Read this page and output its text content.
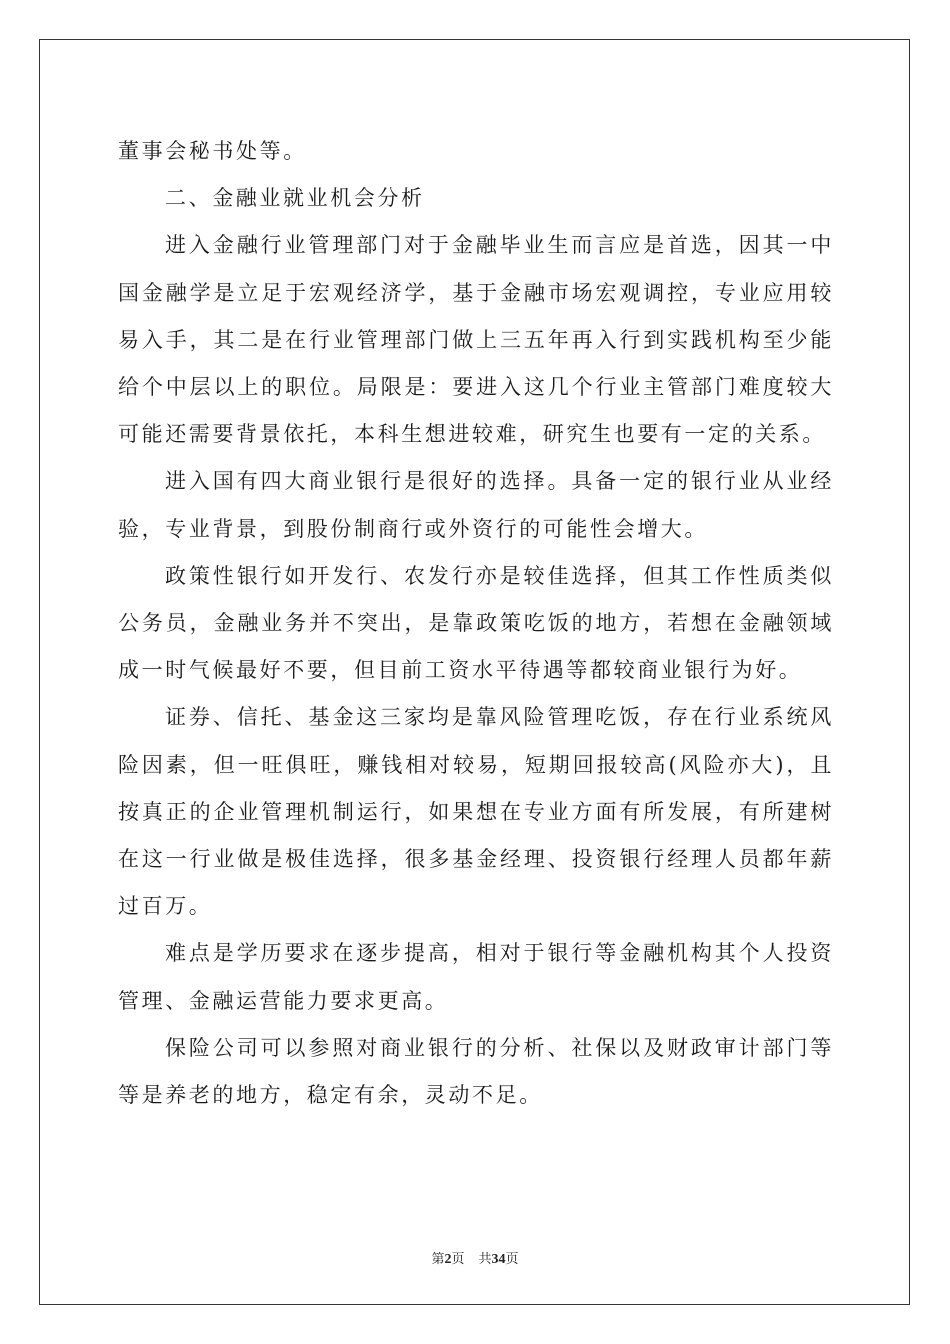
董事会秘书处等。

二、金融业就业机会分析

进入金融行业管理部门对于金融毕业生而言应是首选，因其一中国金融学是立足于宏观经济学，基于金融市场宏观调控，专业应用较易入手，其二是在行业管理部门做上三五年再入行到实践机构至少能给个中层以上的职位。局限是：要进入这几个行业主管部门难度较大可能还需要背景依托，本科生想进较难，研究生也要有一定的关系。

进入国有四大商业银行是很好的选择。具备一定的银行业从业经验，专业背景，到股份制商行或外资行的可能性会增大。

政策性银行如开发行、农发行亦是较佳选择，但其工作性质类似公务员，金融业务并不突出，是靠政策吃饭的地方，若想在金融领域成一时气候最好不要，但目前工资水平待遇等都较商业银行为好。

证券、信托、基金这三家均是靠风险管理吃饭，存在行业系统风险因素，但一旺俱旺，赚钱相对较易，短期回报较高(风险亦大)，且按真正的企业管理机制运行，如果想在专业方面有所发展，有所建树在这一行业做是极佳选择，很多基金经理、投资银行经理人员都年薪过百万。

难点是学历要求在逐步提高，相对于银行等金融机构其个人投资管理、金融运营能力要求更高。

保险公司可以参照对商业银行的分析、社保以及财政审计部门等等是养老的地方，稳定有余，灵动不足。

第2页 共34页
